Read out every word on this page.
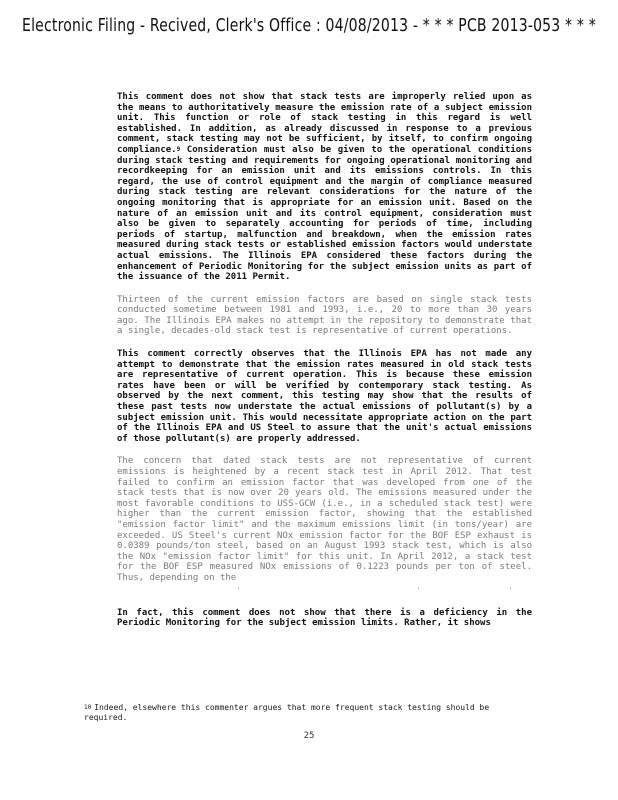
Electronic Filing - Recived, Clerk's Office : 04/08/2013 - * * * PCB 2013-053 * * *

This comment does not show that stack tests are improperly relied upon as the means to authoritatively measure the emission rate of a subject emission unit. This function or role of stack testing in this regard is well established. In addition, as already discussed in response to a previous comment, stack testing may not be sufficient, by itself, to confirm ongoing compliance.$^9$ Consideration must also be given to the operational conditions during stack testing and requirements for ongoing operational monitoring and recordkeeping for an emission unit and its emissions controls. In this regard, the use of control equipment and the margin of compliance measured during stack testing are relevant considerations for the nature of the ongoing monitoring that is appropriate for an emission unit. Based on the nature of an emission unit and its control equipment, consideration must also be given to separately accounting for periods of time, including periods of startup, malfunction and breakdown, when the emission rates measured during stack tests or established emission factors would understate actual emissions. The Illinois EPA considered these factors during the enhancement of Periodic Monitoring for the subject emission units as part of the issuance of the 2011 Permit.

Thirteen of the current emission factors are based on single stack tests conducted sometime between 1981 and 1993, i.e., 20 to more than 30 years ago. The Illinois EPA makes no attempt in the repository to demonstrate that a single, decades-old stack test is representative of current operations.

This comment correctly observes that the Illinois EPA has not made any attempt to demonstrate that the emission rates measured in old stack tests are representative of current operation. This is because these emission rates have been or will be verified by contemporary stack testing. As observed by the next comment, this testing may show that the results of these past tests now understate the actual emissions of pollutant(s) by a subject emission unit. This would necessitate appropriate action on the part of the Illinois EPA and US Steel to assure that the unit's actual emissions of those pollutant(s) are properly addressed.

The concern that dated stack tests are not representative of current emissions is heightened by a recent stack test in April 2012. That test failed to confirm an emission factor that was developed from one of the stack tests that is now over 20 years old. The emissions measured under the most favorable conditions to USS-GCW (i.e., in a scheduled stack test) were higher than the current emission factor, showing that the established "emission factor limit" and the maximum emissions limit (in tons/year) are exceeded. US Steel's current NOx emission factor for the BOF ESP exhaust is 0.0389 pounds/ton steel, based on an August 1993 stack test, which is also the NOx "emission factor limit" for this unit. In April 2012, a stack test for the BOF ESP measured NOx emissions of 0.1223 pounds per ton of steel. Thus, depending on the

'	'	'

In fact, this comment does not show that there is a deficiency in the Periodic Monitoring for the subject emission limits. Rather, it shows

$^{10}$ Indeed, elsewhere this commenter argues that more frequent stack testing should be required.
25
